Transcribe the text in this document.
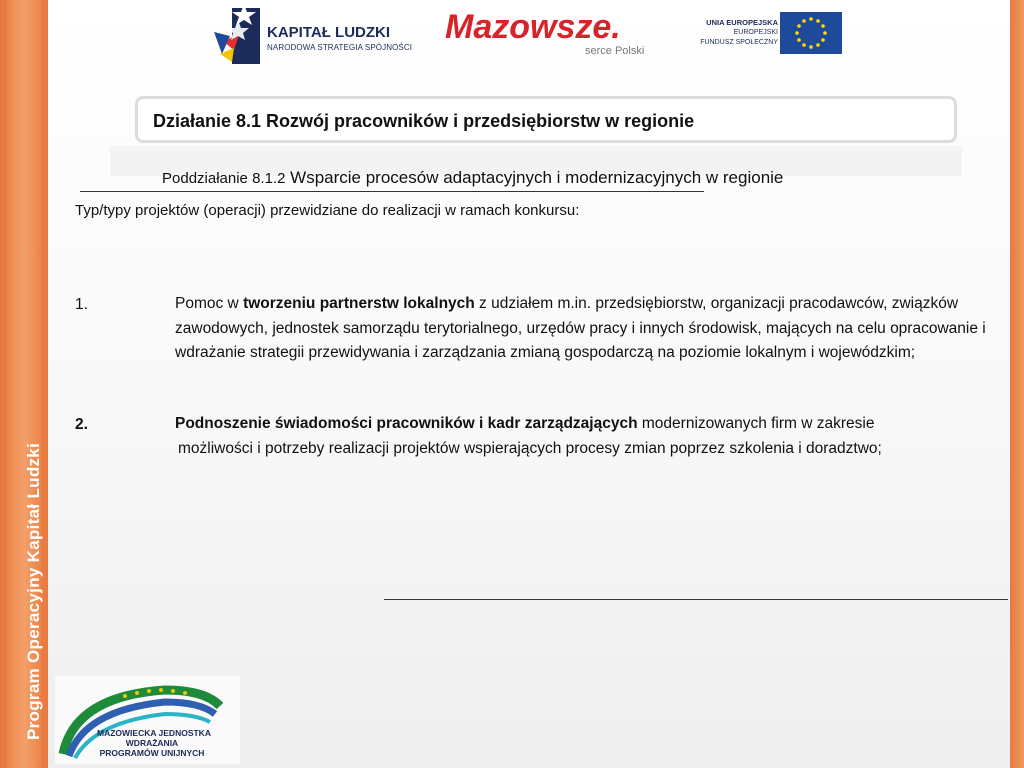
Program Operacyjny Kapitał Ludzki
KAPITAŁ LUDZKI
NARODOWA STRATEGIA SPÓJNOŚCI
Mazowsze.
serce Polski
UNIA EUROPEJSKA
EUROPEJSKI
FUNDUSZ SPOŁECZNY
Działanie 8.1 Rozwój pracowników i przedsiębiorstw w regionie
Poddziałanie 8.1.2 Wsparcie procesów adaptacyjnych i modernizacyjnych w regionie
Typ/typy projektów (operacji) przewidziane do realizacji w ramach konkursu:
1.	Pomoc w tworzeniu partnerstw lokalnych z udziałem m.in. przedsiębiorstw, organizacji pracodawców, związków zawodowych, jednostek samorządu terytorialnego, urzędów pracy i innych środowisk, mających na celu opracowanie i wdrażanie strategii przewidywania i zarządzania zmianą gospodarczą na poziomie lokalnym i wojewódzkim;
2.	Podnoszenie świadomości pracowników i kadr zarządzających modernizowanych firm w zakresie
możliwości i potrzeby realizacji projektów wspierających procesy zmian poprzez szkolenia i doradztwo;
MAZOWIECKA JEDNOSTKA
WDRAŻANIA
PROGRAMÓW UNIJNYCH
